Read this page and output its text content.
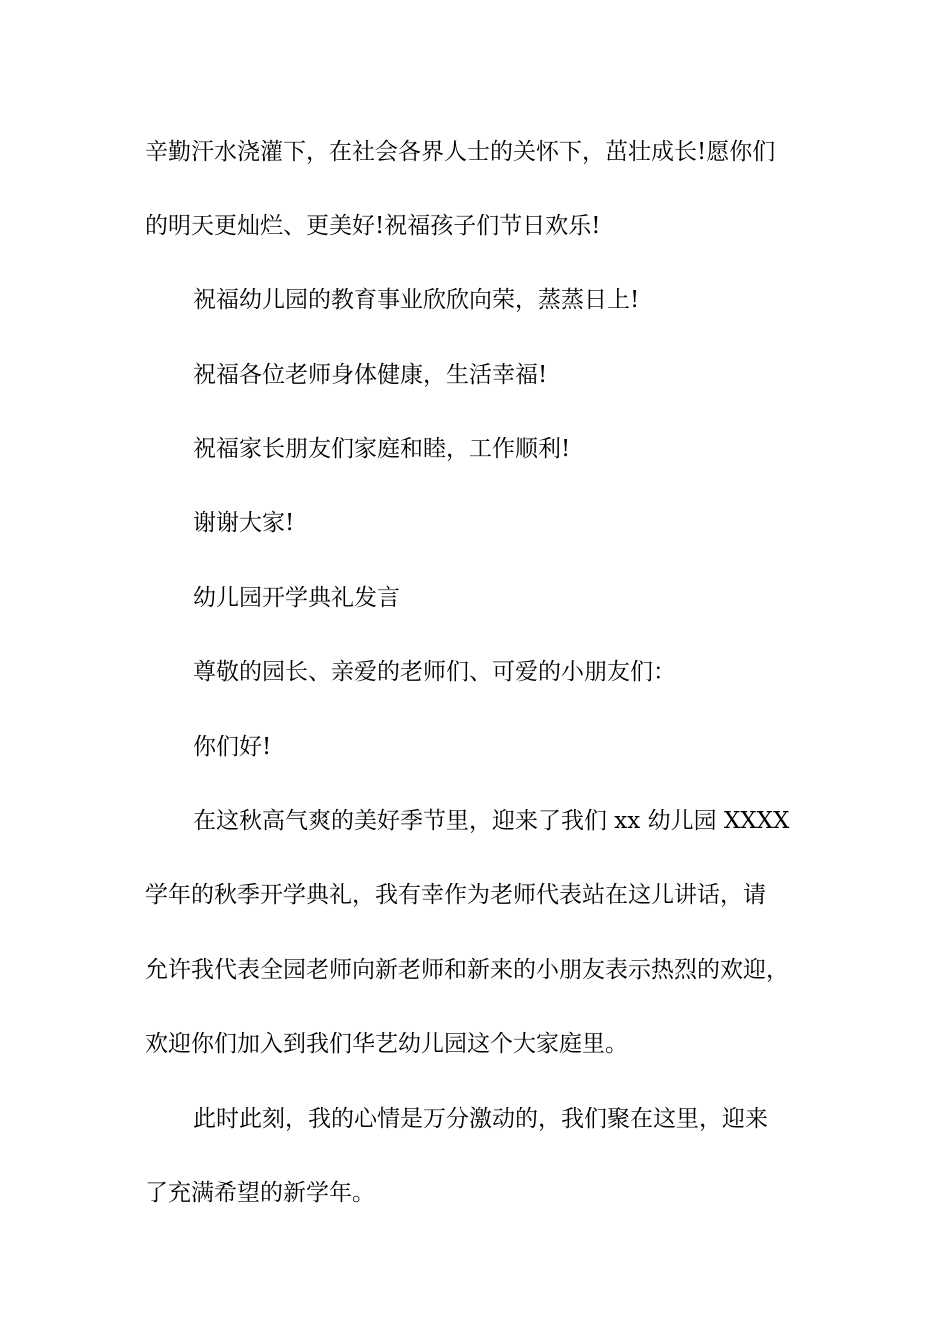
辛勤汗水浇灌下，在社会各界人士的关怀下，茁壮成长!愿你们
的明天更灿烂、更美好!祝福孩子们节日欢乐!
祝福幼儿园的教育事业欣欣向荣，蒸蒸日上!
祝福各位老师身体健康，生活幸福!
祝福家长朋友们家庭和睦，工作顺利!
谢谢大家!
幼儿园开学典礼发言
尊敬的园长、亲爱的老师们、可爱的小朋友们：
你们好!
在这秋高气爽的美好季节里，迎来了我们 xx 幼儿园 XXXX
学年的秋季开学典礼，我有幸作为老师代表站在这儿讲话，请
允许我代表全园老师向新老师和新来的小朋友表示热烈的欢迎，
欢迎你们加入到我们华艺幼儿园这个大家庭里。
此时此刻，我的心情是万分激动的，我们聚在这里，迎来
了充满希望的新学年。
